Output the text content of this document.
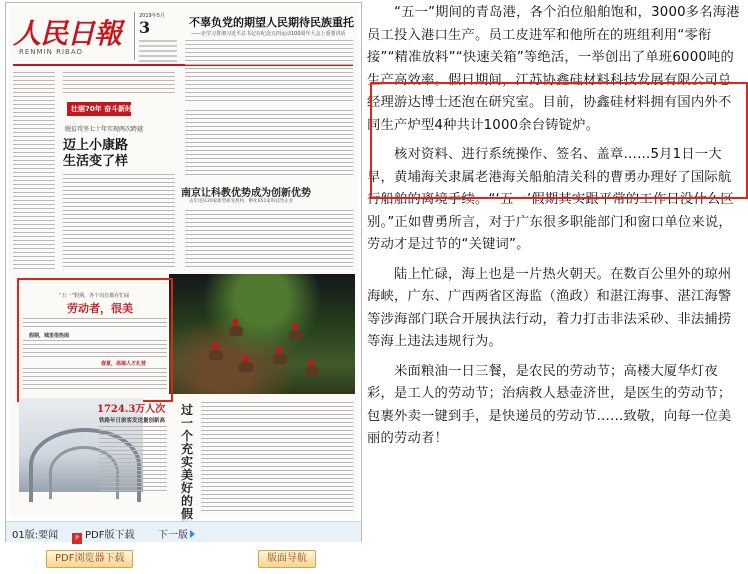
人民日報
RENMIN RIBAO
2019年5月
3	不辜负党的期望人民期待民族重托
——论学习贯彻习近平总书记在纪念五四运动100周年大会上重要讲话
壮丽70年 奋斗新时代
脱贫攻坚七十年实现两次跨越
迈上小康路 生活变了样
南京让科教优势成为创新优势
去年进驻20家新型研发机构，孵化651家科技型企业
“五一”假期，各个岗位都在忙碌
劳动者，很美
假期，城里很热闹
春夏，高端人才扎营
1724.3万人次
铁路年日旅客发送量创新高
过一个充实美好的假
01版:要闻	P PDF版下载 下一版
PDF浏览器下载	版面导航

“五一”期间的青岛港，各个泊位船舶饱和，3000多名海港员工投入港口生产。员工皮进军和他所在的班组利用“零衔接”“精准放料”“快速关箱”等绝活，一举创出了单班6000吨的生产高效率。假日期间，江苏协鑫硅材料科技发展有限公司总经理游达博士还泡在研究室。目前，协鑫硅材料拥有国内外不同生产炉型4种共计1000余台铸锭炉。

核对资料、进行系统操作、签名、盖章……5月1日一大早，黄埔海关隶属老港海关船舶清关科的曹勇办理好了国际航行船舶的离境手续。“‘五一’假期其实跟平常的工作日没什么区别。”正如曹勇所言，对于广东很多职能部门和窗口单位来说，劳动才是过节的“关键词”。

陆上忙碌，海上也是一片热火朝天。在数百公里外的琼州海峡，广东、广西两省区海监（渔政）和湛江海事、湛江海警等涉海部门联合开展执法行动，着力打击非法采砂、非法捕捞等海上违法违规行为。

米面粮油一日三餐，是农民的劳动节；高楼大厦华灯夜彩，是工人的劳动节；治病救人悬壶济世，是医生的劳动节；包裹外卖一键到手，是快递员的劳动节……致敬，向每一位美丽的劳动者！
